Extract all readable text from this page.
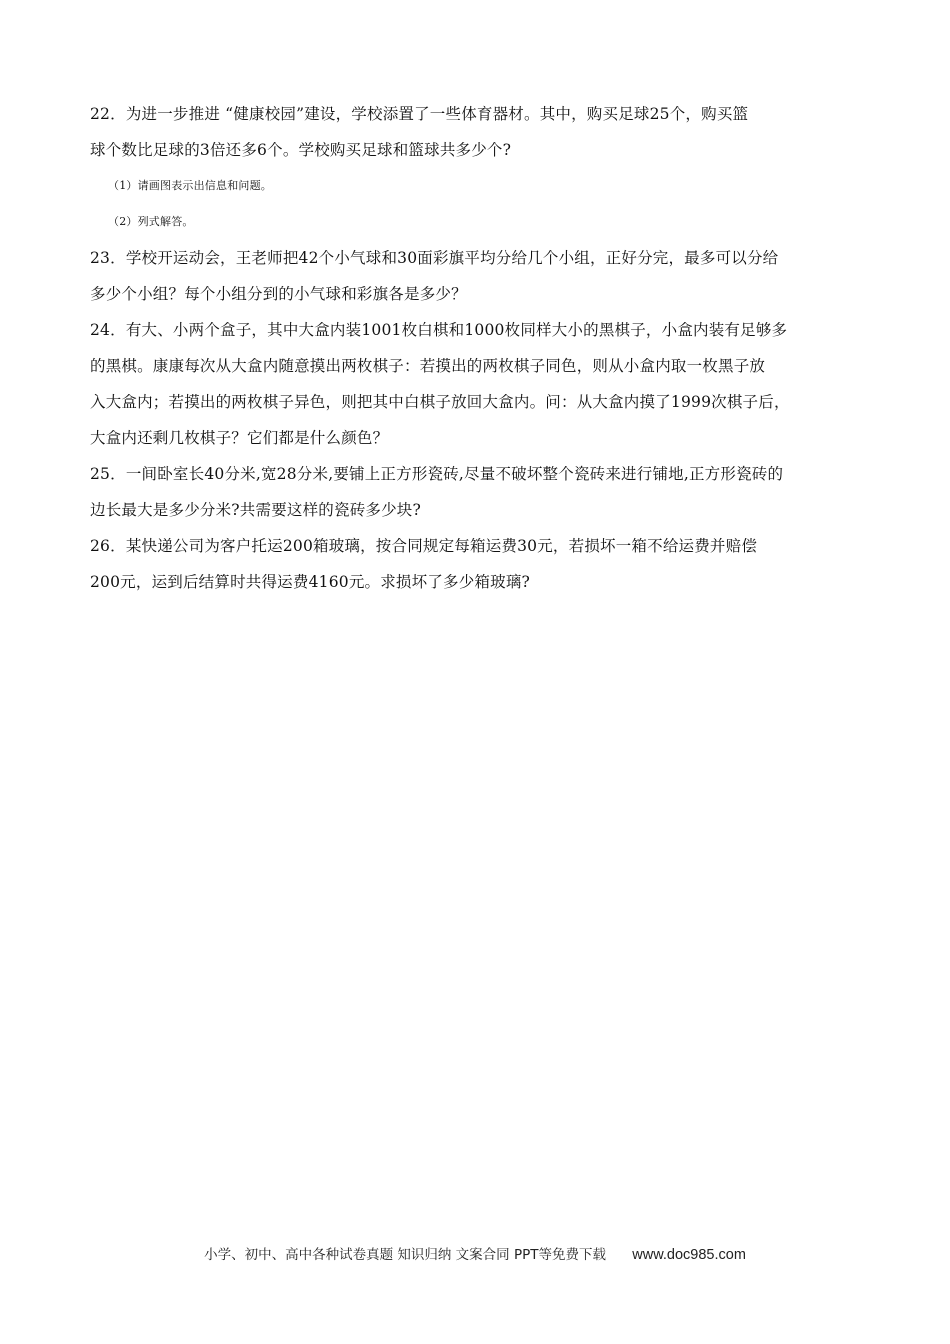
22．为进一步推进 “健康校园”建设，学校添置了一些体育器材。其中，购买足球25个，购买篮
球个数比足球的3倍还多6个。学校购买足球和篮球共多少个?
（1）请画图表示出信息和问题。
（2）列式解答。
23．学校开运动会，王老师把42个小气球和30面彩旗平均分给几个小组，正好分完，最多可以分给
多少个小组？每个小组分到的小气球和彩旗各是多少？
24．有大、小两个盒子，其中大盒内装1001枚白棋和1000枚同样大小的黑棋子，小盒内装有足够多
的黑棋。康康每次从大盒内随意摸出两枚棋子：若摸出的两枚棋子同色，则从小盒内取一枚黑子放
入大盒内；若摸出的两枚棋子异色，则把其中白棋子放回大盒内。问：从大盒内摸了1999次棋子后，
大盒内还剩几枚棋子？它们都是什么颜色？
25．一间卧室长40分米,宽28分米,要铺上正方形瓷砖,尽量不破坏整个瓷砖来进行铺地,正方形瓷砖的
边长最大是多少分米?共需要这样的瓷砖多少块?
26．某快递公司为客户托运200箱玻璃，按合同规定每箱运费30元，若损坏一箱不给运费并赔偿
200元，运到后结算时共得运费4160元。求损坏了多少箱玻璃?
小学、初中、高中各种试卷真题 知识归纳 文案合同 PPT等免费下载 www.doc985.com
